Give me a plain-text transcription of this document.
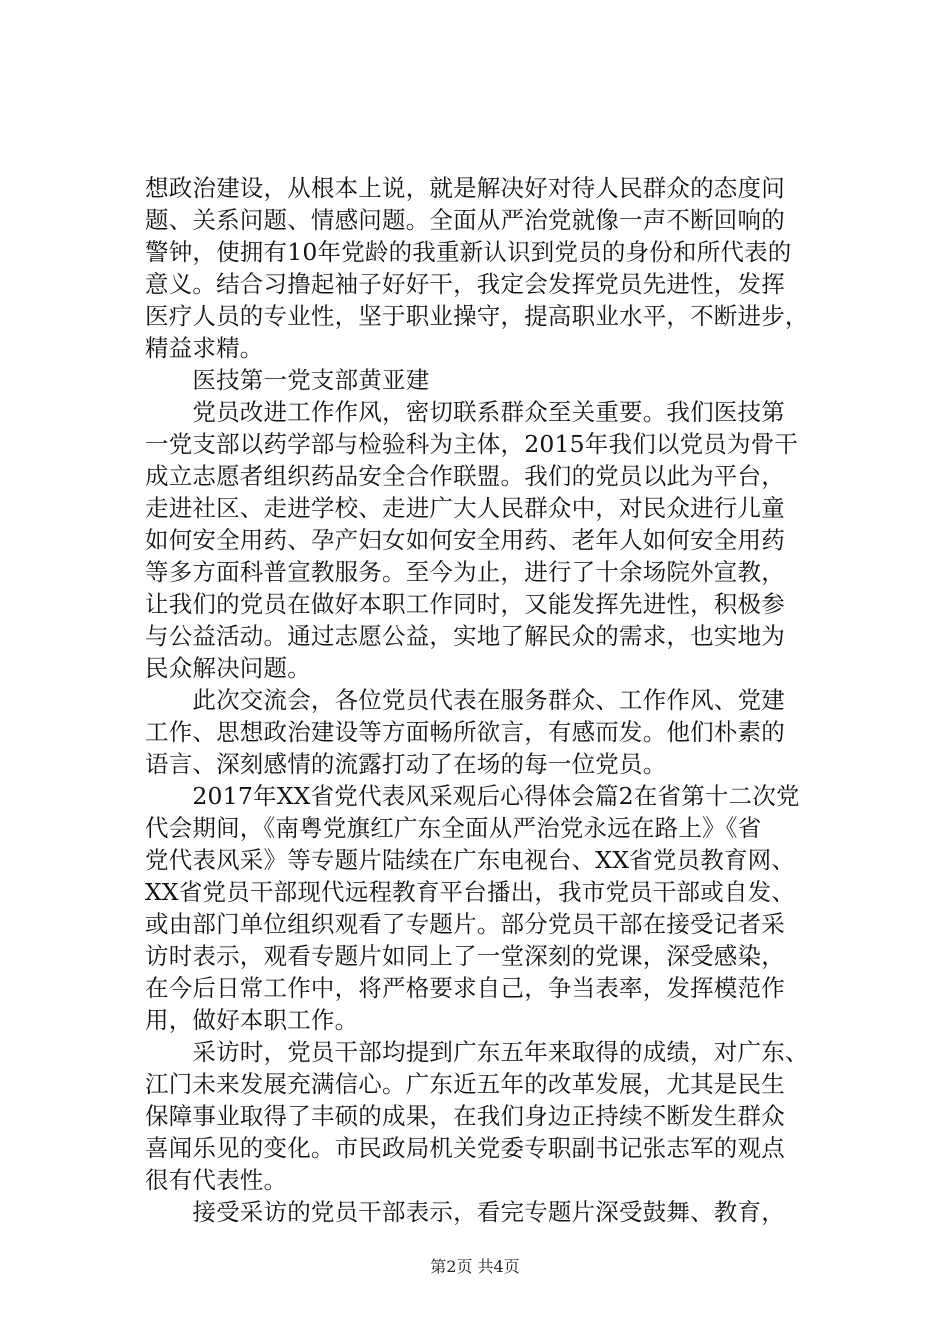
想政治建设，从根本上说，就是解决好对待人民群众的态度问
题、关系问题、情感问题。全面从严治党就像一声不断回响的
警钟，使拥有10年党龄的我重新认识到党员的身份和所代表的
意义。结合习撸起袖子好好干，我定会发挥党员先进性，发挥
医疗人员的专业性，坚于职业操守，提高职业水平，不断进步，
精益求精。
　　医技第一党支部黄亚建
　　党员改进工作作风，密切联系群众至关重要。我们医技第
一党支部以药学部与检验科为主体，2015年我们以党员为骨干
成立志愿者组织药品安全合作联盟。我们的党员以此为平台，
走进社区、走进学校、走进广大人民群众中，对民众进行儿童
如何安全用药、孕产妇女如何安全用药、老年人如何安全用药
等多方面科普宣教服务。至今为止，进行了十余场院外宣教，
让我们的党员在做好本职工作同时，又能发挥先进性，积极参
与公益活动。通过志愿公益，实地了解民众的需求，也实地为
民众解决问题。
　　此次交流会，各位党员代表在服务群众、工作作风、党建
工作、思想政治建设等方面畅所欲言，有感而发。他们朴素的
语言、深刻感情的流露打动了在场的每一位党员。
　　2017年XX省党代表风采观后心得体会篇2在省第十二次党
代会期间，《南粤党旗红广东全面从严治党永远在路上》《省
党代表风采》等专题片陆续在广东电视台、XX省党员教育网、
XX省党员干部现代远程教育平台播出，我市党员干部或自发、
或由部门单位组织观看了专题片。部分党员干部在接受记者采
访时表示，观看专题片如同上了一堂深刻的党课，深受感染，
在今后日常工作中，将严格要求自己，争当表率，发挥模范作
用，做好本职工作。
　　采访时，党员干部均提到广东五年来取得的成绩，对广东、
江门未来发展充满信心。广东近五年的改革发展，尤其是民生
保障事业取得了丰硕的成果，在我们身边正持续不断发生群众
喜闻乐见的变化。市民政局机关党委专职副书记张志军的观点
很有代表性。
　　接受采访的党员干部表示，看完专题片深受鼓舞、教育，
第2页 共4页
